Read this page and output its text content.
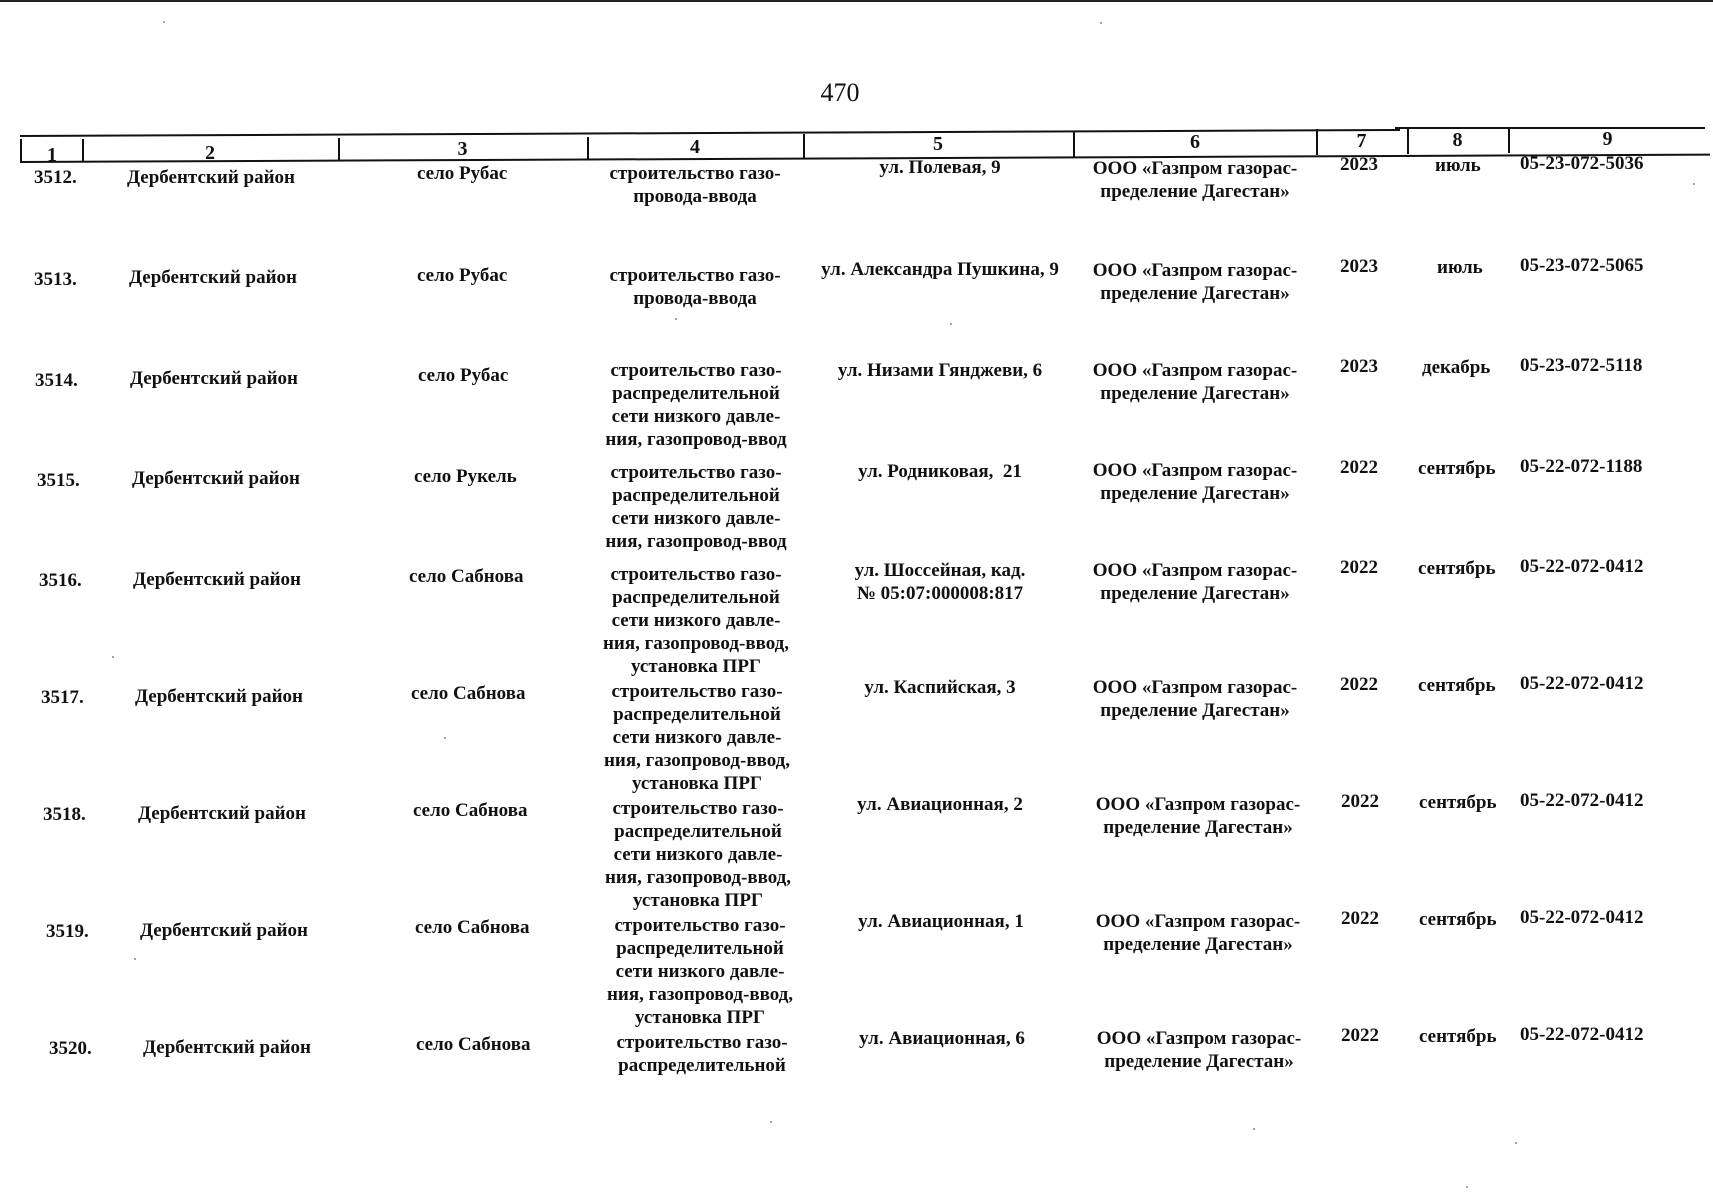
470
1	2	3	4	5	6	7	8	9
3512.	Дербентский район	село Рубас	строительство газо-
провода-ввода
ул. Полевая, 9	ООО «Газпром газорас-
пределение Дагестан»
2023	июль 05-23-072-5036
3513.	Дербентский район	село Рубас	строительство газо-
провода-ввода
ул. Александра Пушкина, 9	ООО «Газпром газорас-
пределение Дагестан»
2023	июль 05-23-072-5065
3514.	Дербентский район	село Рубас	строительство газо-
распределительной
сети низкого давле-
ния, газопровод-ввод
ул. Низами Гянджеви, 6	ООО «Газпром газорас-
пределение Дагестан»
2023 декабрь 05-23-072-5118
3515.	Дербентский район	село Рукель	строительство газо-
распределительной
сети низкого давле-
ния, газопровод-ввод
ул. Родниковая,  21	ООО «Газпром газорас-
пределение Дагестан»
2022 сентябрь 05-22-072-1188
3516.	Дербентский район	село Сабнова	строительство газо-
распределительной
сети низкого давле-
ния, газопровод-ввод,
установка ПРГ
ул. Шоссейная, кад.
№ 05:07:000008:817
ООО «Газпром газорас-
пределение Дагестан»
2022 сентябрь 05-22-072-0412
3517.	Дербентский район	село Сабнова	строительство газо-
распределительной
сети низкого давле-
ния, газопровод-ввод,
установка ПРГ
ул. Каспийская, 3	ООО «Газпром газорас-
пределение Дагестан»
2022 сентябрь 05-22-072-0412
3518.	Дербентский район	село Сабнова	строительство газо-
распределительной
сети низкого давле-
ния, газопровод-ввод,
установка ПРГ
ул. Авиационная, 2	ООО «Газпром газорас-
пределение Дагестан»
2022 сентябрь 05-22-072-0412
3519.	Дербентский район	село Сабнова	строительство газо-
распределительной
сети низкого давле-
ния, газопровод-ввод,
установка ПРГ
ул. Авиационная, 1	ООО «Газпром газорас-
пределение Дагестан»
2022 сентябрь 05-22-072-0412
3520.	Дербентский район	село Сабнова	строительство газо-
распределительной
ул. Авиационная, 6	ООО «Газпром газорас-
пределение Дагестан»
2022 сентябрь 05-22-072-0412
